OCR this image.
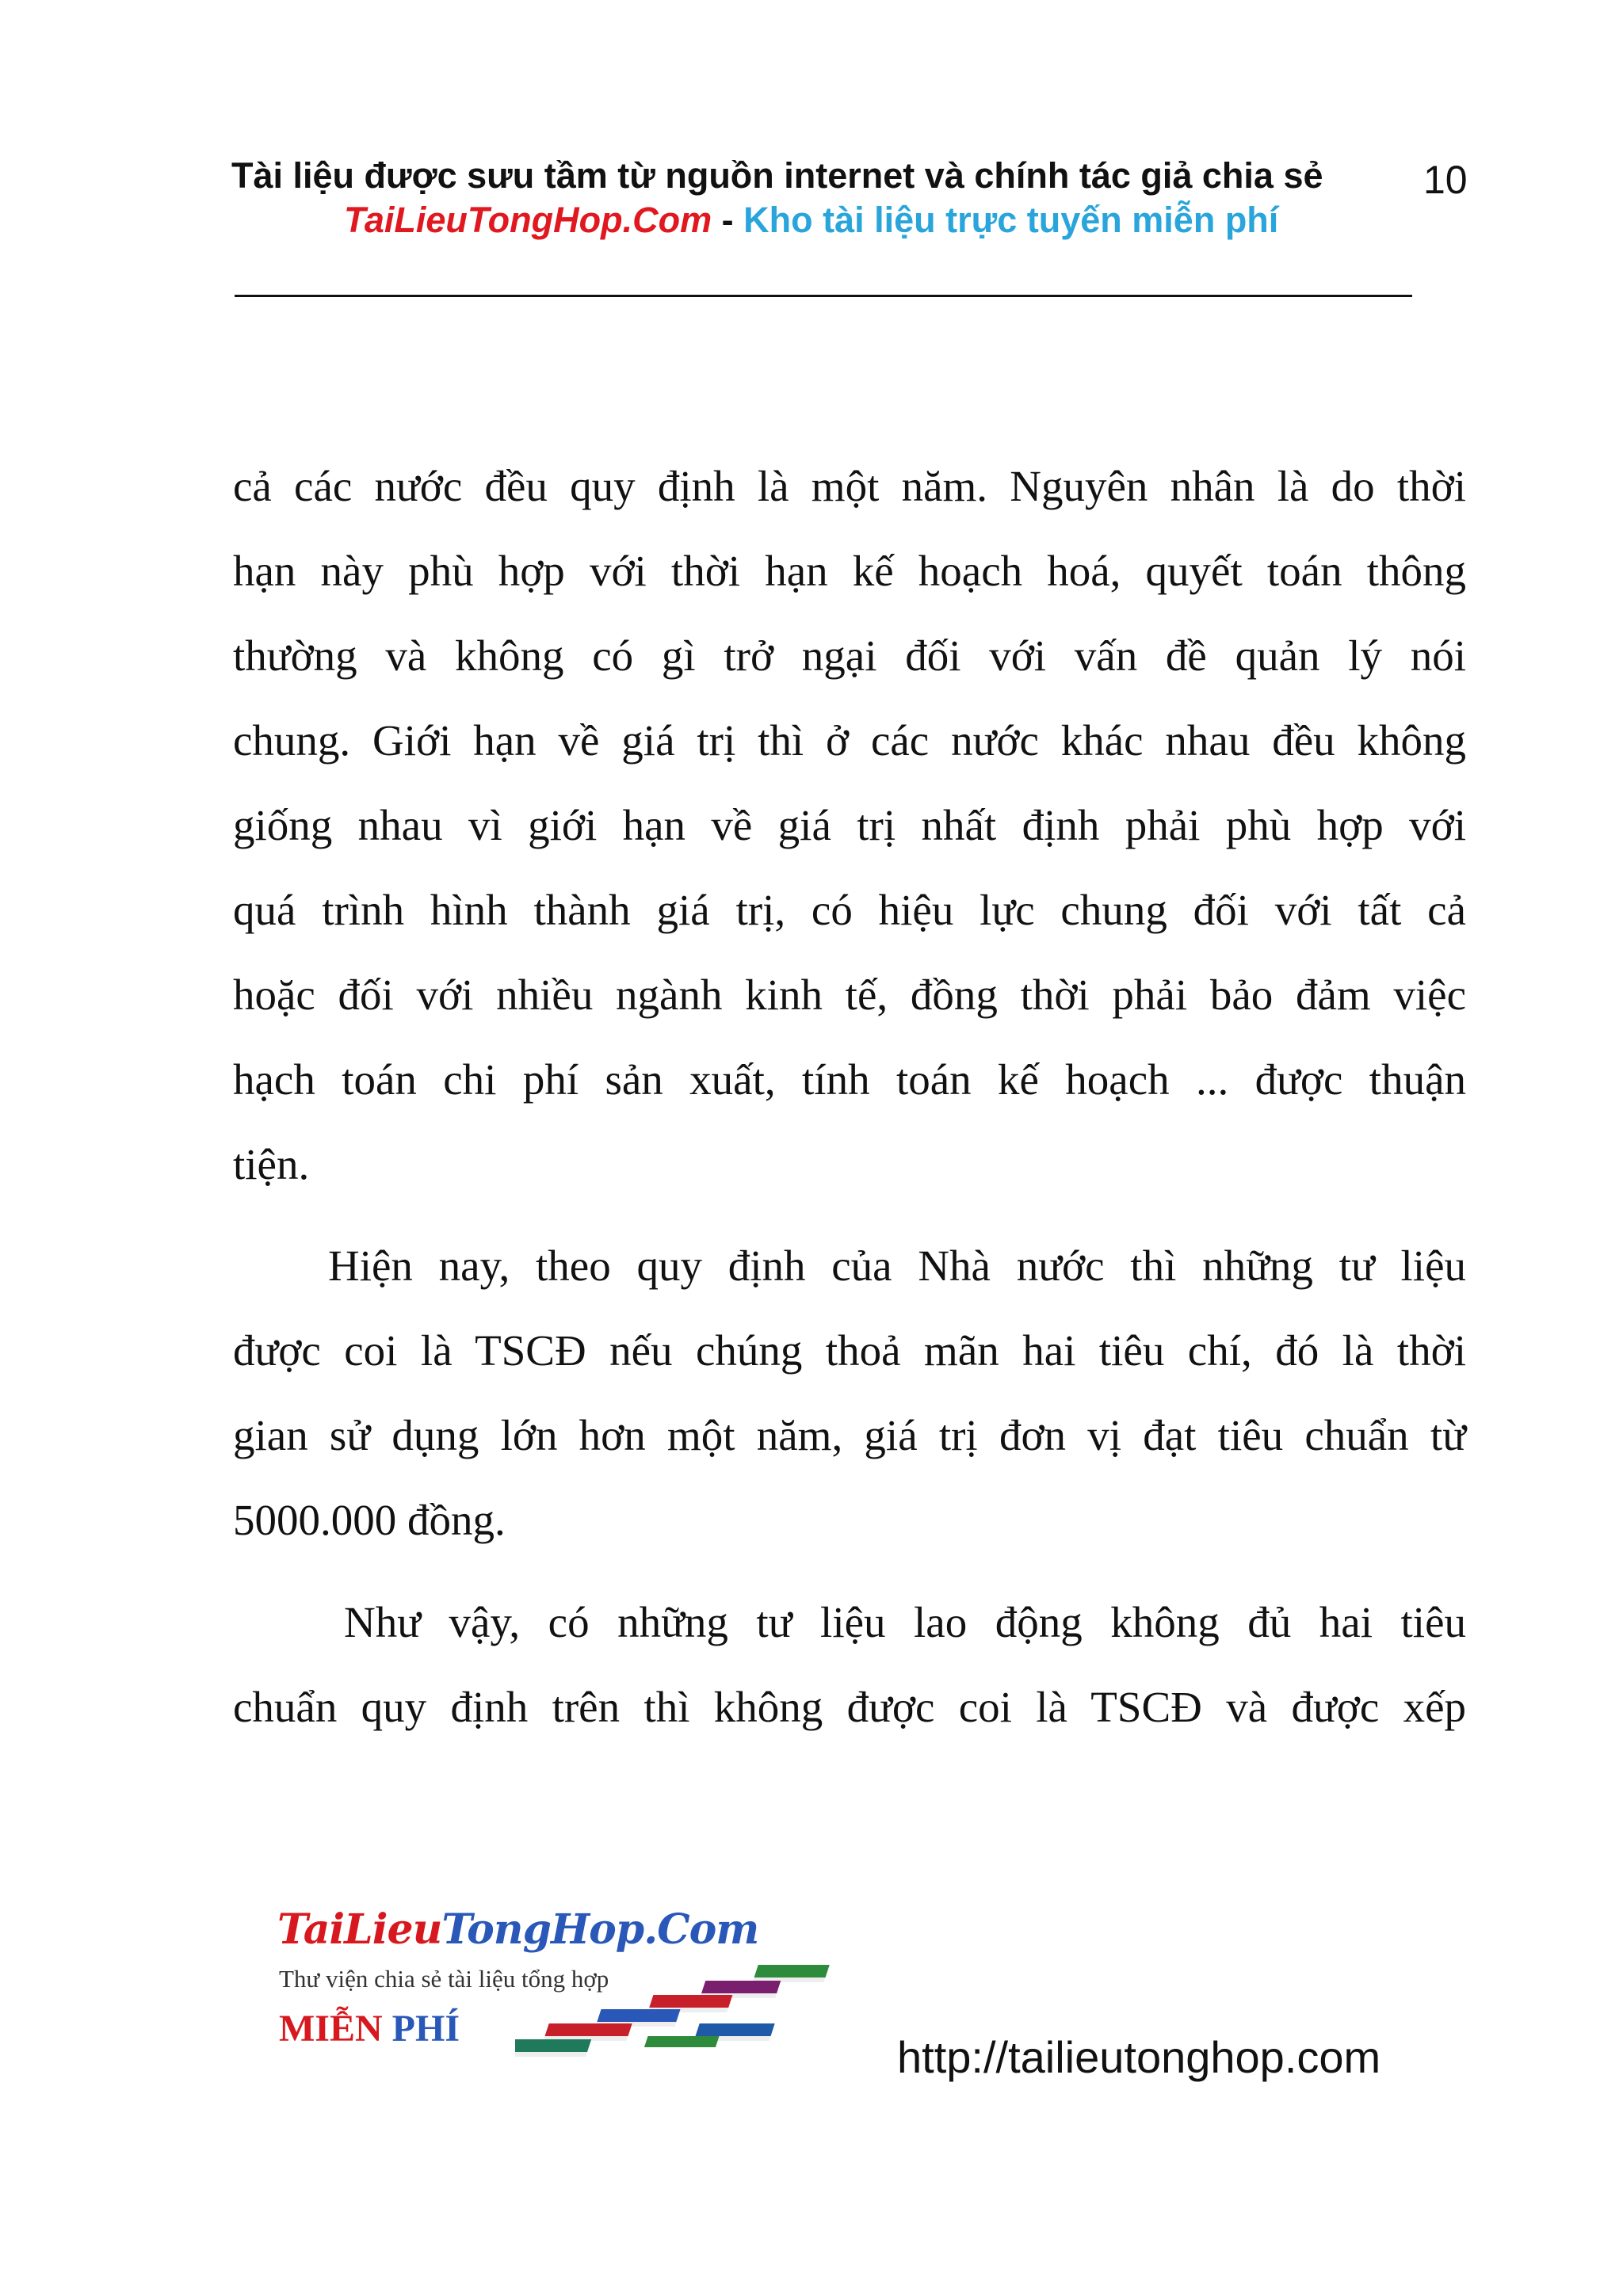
Tài liệu được sưu tầm từ nguồn internet và chính tác giả chia sẻ	10
TaiLieuTongHop.Com - Kho tài liệu trực tuyến miễn phí
cả các nước đều quy định là một năm. Nguyên nhân là do thời
hạn này phù hợp với thời hạn kế hoạch hoá, quyết toán thông
thường và không có gì trở ngại đối với vấn đề quản lý nói
chung. Giới hạn về giá trị thì ở các nước khác nhau đều không
giống nhau vì giới hạn về giá trị nhất định phải phù hợp với
quá trình hình thành giá trị, có hiệu lực chung đối với tất cả
hoặc đối với nhiều ngành kinh tế, đồng thời phải bảo đảm việc
hạch toán chi phí sản xuất, tính toán kế hoạch ... được thuận
tiện.
Hiện nay, theo quy định của Nhà nước thì những tư liệu
được coi là TSCĐ nếu chúng thoả mãn hai tiêu chí, đó là thời
gian sử dụng lớn hơn một năm, giá trị đơn vị đạt tiêu chuẩn từ
5000.000 đồng.
Như vậy, có những tư liệu lao động không đủ hai tiêu
chuẩn quy định trên thì không được coi là TSCĐ và được xếp
TaiLieuTongHop.Com
Thư viện chia sẻ tài liệu tổng hợp
MIỄN PHÍ
http://tailieutonghop.com
